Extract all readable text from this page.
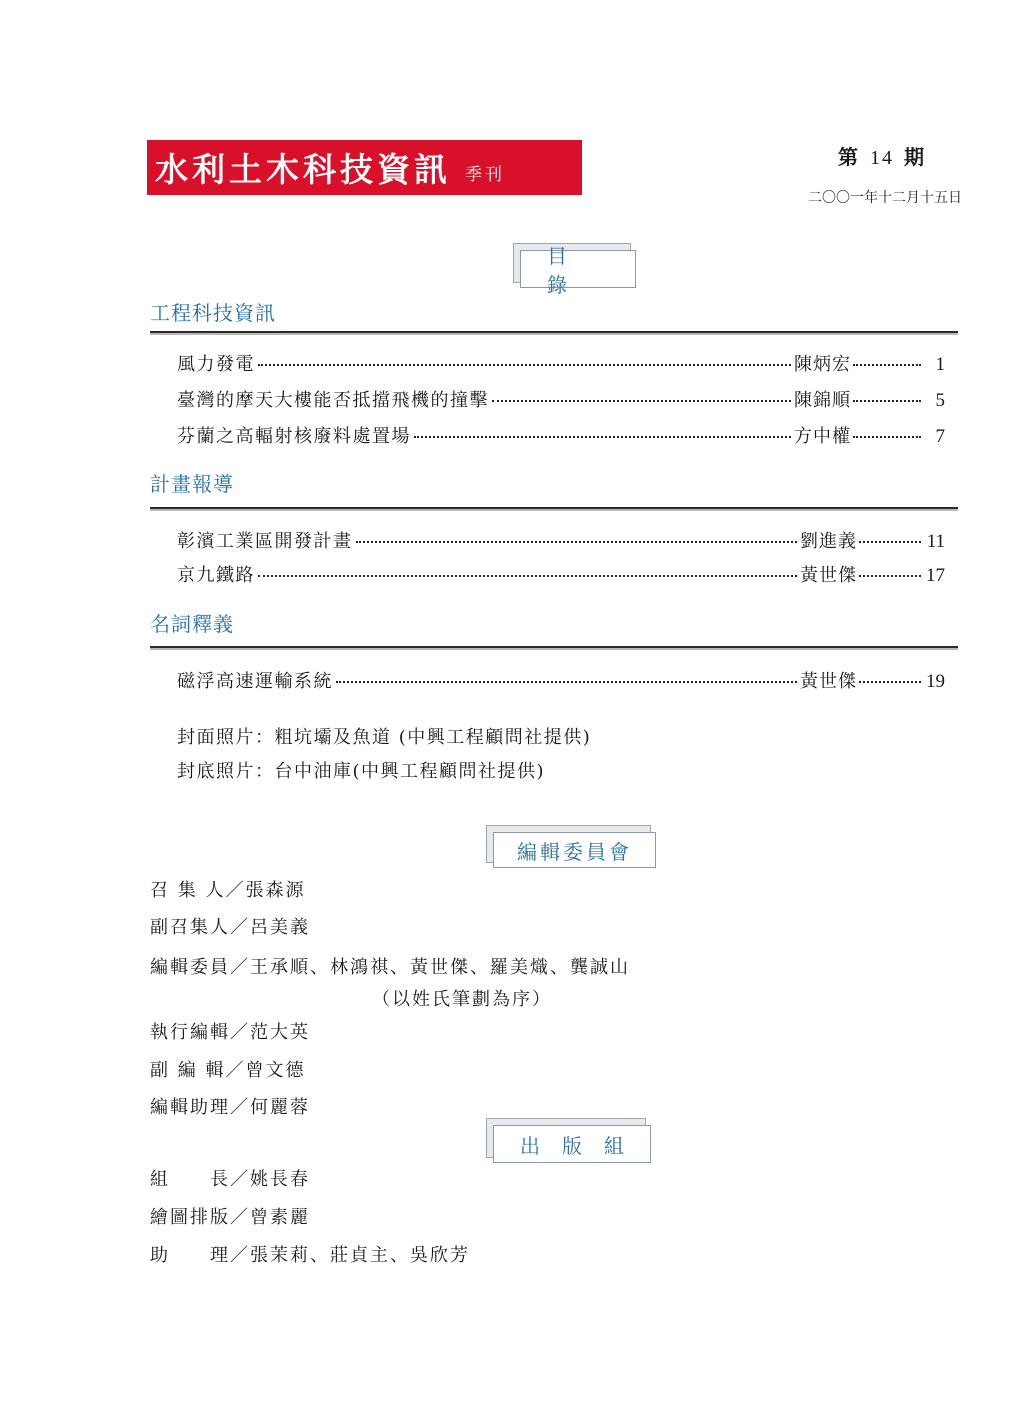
水利土木科技資訊 季刊
第 14 期
二〇〇一年十二月十五日
目錄
工程科技資訊
風力發電	陳炳宏	1
臺灣的摩天大樓能否抵擋飛機的撞擊	陳錦順	5
芬蘭之高輻射核廢料處置場	方中權	7
計畫報導
彰濱工業區開發計畫	劉進義	11
京九鐵路	黃世傑	17
名詞釋義
磁浮高速運輸系統	黃世傑	19
封面照片：粗坑壩及魚道 (中興工程顧問社提供)
封底照片：台中油庫(中興工程顧問社提供)
編輯委員會
召 集 人／張森源
副召集人／呂美義
編輯委員／王承順、林鴻祺、黃世傑、羅美熾、龔誠山
（以姓氏筆劃為序）
執行編輯／范大英
副 編 輯／曾文德
編輯助理／何麗蓉
出版組
組　　長／姚長春
繪圖排版／曾素麗
助　　理／張茉莉、莊貞主、吳欣芳
